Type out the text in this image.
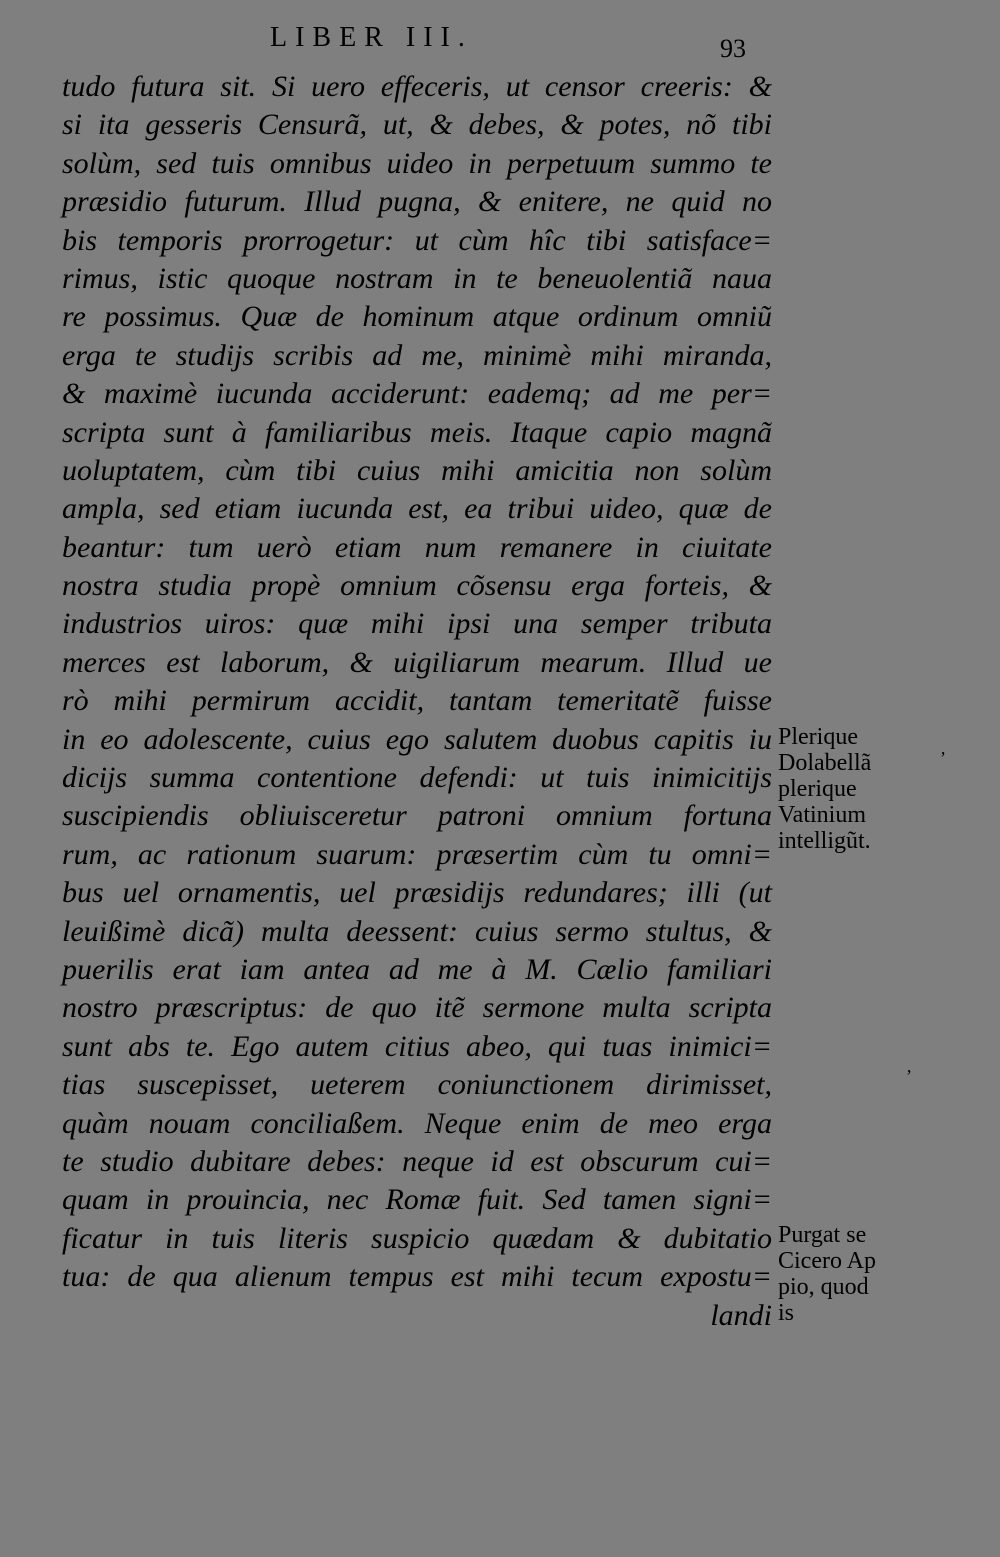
LIBER III.	93
tudo futura sit. Si uero effeceris, ut censor creeris: &
si ita gesseris Censurã, ut, & debes, & potes, nõ tibi
solùm, sed tuis omnibus uideo in perpetuum summo te
præsidio futurum. Illud pugna, & enitere, ne quid no
bis temporis prorrogetur: ut cùm hîc tibi satisface=
rimus, istic quoque nostram in te beneuolentiã naua
re possimus. Quæ de hominum atque ordinum omniũ
erga te studijs scribis ad me, minimè mihi miranda,
& maximè iucunda acciderunt: eademq; ad me per=
scripta sunt à familiaribus meis. Itaque capio magnã
uoluptatem, cùm tibi cuius mihi amicitia non solùm
ampla, sed etiam iucunda est, ea tribui uideo, quæ de
beantur: tum uerò etiam num remanere in ciuitate
nostra studia propè omnium cõsensu erga forteis, &
industrios uiros: quæ mihi ipsi una semper tributa
merces est laborum, & uigiliarum mearum. Illud ue
rò mihi permirum accidit, tantam temeritatẽ fuisse
in eo adolescente, cuius ego salutem duobus capitis iu
dicijs summa contentione defendi: ut tuis inimicitijs
suscipiendis obliuisceretur patroni omnium fortuna
rum, ac rationum suarum: præsertim cùm tu omni=
bus uel ornamentis, uel præsidijs redundares; illi (ut
leuißimè dicã) multa deessent: cuius sermo stultus, &
puerilis erat iam antea ad me à M. Cælio familiari
nostro præscriptus: de quo itẽ sermone multa scripta
sunt abs te. Ego autem citius abeo, qui tuas inimici=
tias suscepisset, ueterem coniunctionem dirimisset,
quàm nouam conciliaßem. Neque enim de meo erga
te studio dubitare debes: neque id est obscurum cui=
quam in prouincia, nec Romæ fuit. Sed tamen signi=
ficatur in tuis literis suspicio quædam & dubitatio
tua: de qua alienum tempus est mihi tecum expostu=
landi
Plerique
Dolabellã
plerique
Vatinium
intelligũt.
Purgat se
Cicero Ap
pio, quod
is
ʼ
ʼ
